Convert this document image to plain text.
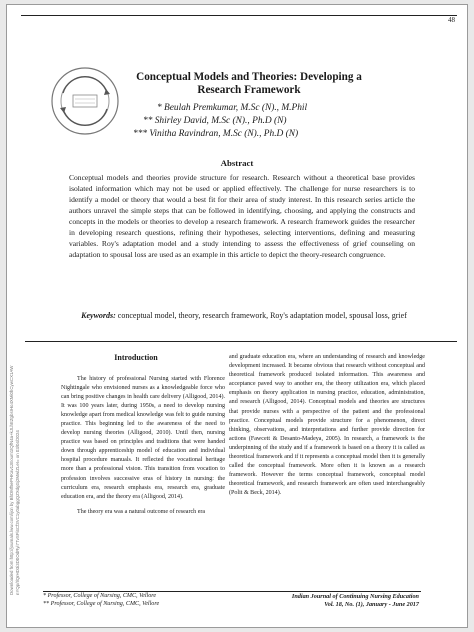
48
Downloaded from http://journals.lww.com/ijcn by BhDMf5ePHKav1zEoum1tQfN4a+kJLhEZgbsIHo4XMi0hCywCX1AW
nYQp/IlQrHD3i3D0OdRyi7TvSFl4Cf3VC1y0abggQZXdgGj2MwlZLeI= on 03/04/2024
Conceptual Models and Theories: Developing a
Research Framework
* Beulah Premkumar, M.Sc (N)., M.Phil
** Shirley David, M.Sc (N)., Ph.D (N)
*** Vinitha Ravindran, M.Sc (N)., Ph.D (N)
Abstract
Conceptual models and theories provide structure for research. Research without a theoretical base provides isolated information which may not be used or applied effectively. The challenge for nurse researchers is to identify a model or theory that would a best fit for their area of study interest. In this research series article the authors unravel the simple steps that can be followed in identifying, choosing, and applying the constructs and concepts in the models or theories to develop a research framework. A research framework guides the researcher in developing research questions, refining their hypotheses, selecting interventions, defining and measuring variables. Roy's adaptation model and a study intending to assess the effectiveness of grief counseling on adaptation to spousal loss are used as an example in this article to depict the theory-research congruence.
Keywords: conceptual model, theory, research framework, Roy's adaptation model, spousal loss, grief
Introduction

The history of professional Nursing started with Florence Nightingale who envisioned nurses as a knowledgeable force who can bring positive changes in health care delivery (Alligood, 2014). It was 100 years later, during 1950s, a need to develop nursing knowledge apart from medical knowledge was felt to guide nursing practice. This beginning led to the awareness of the need to develop nursing theories (Alligood, 2010). Until then, nursing practice was based on principles and traditions that were handed down through apprenticeship model of education and individual hospital procedure manuals. It reflected the vocational heritage more than a professional vision. This transition from vocation to profession involves successive eras of history in nursing: the curriculum era, research emphasis era, research era, graduate education era, and the theory era (Alligood, 2014).

The theory era was a natural outcome of research era

and graduate education era, where an understanding of research and knowledge development increased. It became obvious that research without conceptual and theoretical framework produced isolated information. This awareness and acceptance paved way to another era, the theory utilization era, which placed emphasis on theory application in nursing practice, education, administration, and research (Alligood, 2014). Conceptual models and theories are structures that provide nurses with a perspective of the patient and the professional practice. Conceptual models provide structure for a phenomenon, direct thinking, observations, and interpretations and further provide direction for actions (Fawcett & Desanto-Madeya, 2005). In research, a framework is the underpinning of the study and if a framework is based on a theory it is called as theoretical framework and if it represents a conceptual model then it is generally called the conceptual framework. More often it is known as a research framework. However the terms conceptual framework, conceptual model theoretical framework, and research framework are often used interchangeably (Polit & Beck, 2014).

* Professor, College of Nursing, CMC, Vellore
** Professor, College of Nursing, CMC, Vellore
Indian Journal of Continuing Nursing Education
Vol. 18, No. (1), January - June 2017
